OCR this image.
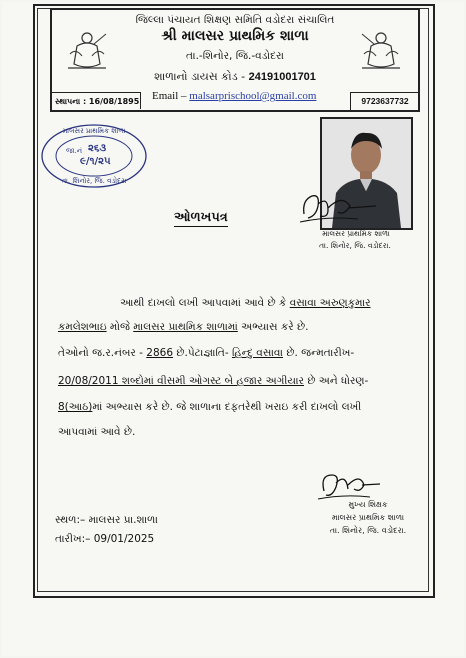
જિલ્લા પંચાયત શિક્ષણ સમિતિ વડોદરા સંચાલિત
શ્રી માલસર પ્રાથમિક શાળા
તા.-શિનોર, જિ.-વડોદરા
શાળાનો ડાયસ કોડ - 24191001701
Email – malsarprischool@gmail.com
સ્થાપના : 16/08/1895	9723637732
માલસર પ્રાથમિક શાળા
જા.નં ૨૬૩
૯/૧/૨૫
તા. શિનોર, જિ. વડોદરા
માલસર પ્રાથમિક શાળા
તા. શિનોર, જિ. વડોદરા.
ઓળખપત્ર
આથી દાખલો લખી આપવામાં આવે છે કે વસાવા અરુણકુમાર
કમલેશભાઇ મોજે માલસર પ્રાથમિક શાળામાં અભ્યાસ કરે છે.
તેઓનો જ.ર.નંબર - 2866 છે.પેટાજ્ઞાતિ- હિન્દુ વસાવા છે. જન્મતારીખ-
20/08/2011 શબ્દોમાં વીસમી ઓગસ્ટ બે હજાર અગીયાર છે અને ધોરણ-
8(આઠ)માં અભ્યાસ કરે છે. જે શાળાના દફતરેથી ખરાઇ કરી દાખલો લખી
આપવામાં આવે છે.
સ્થળ:– માલસર પ્રા.શાળા
તારીખ:– 09/01/2025
મુખ્ય શિક્ષક
માલસર પ્રાથમિક શાળા
તા. શિનોર, જિ. વડોદરા.
